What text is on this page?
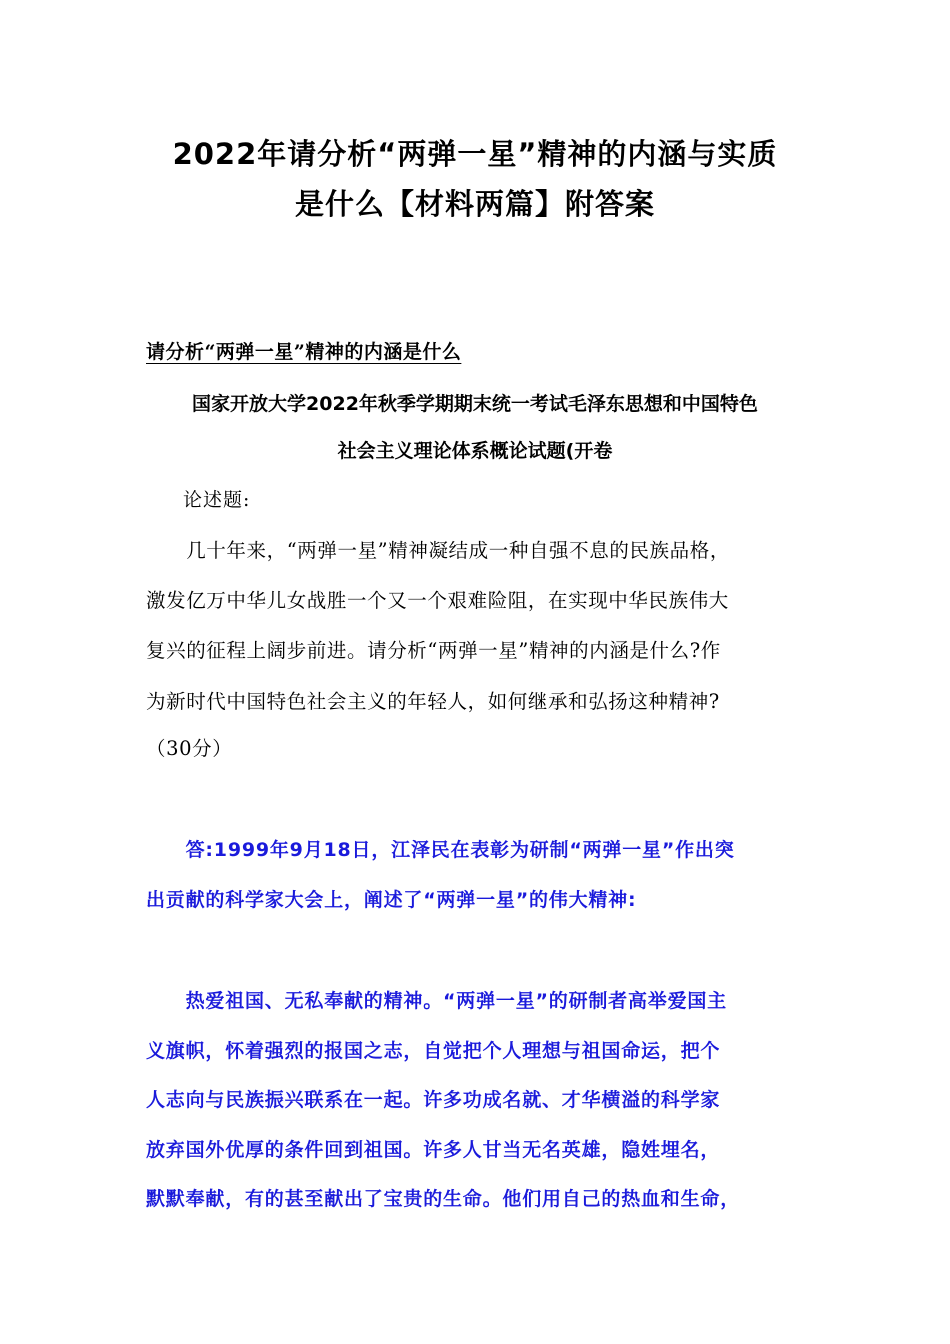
2022年请分析“两弹一星”精神的内涵与实质
是什么【材料两篇】附答案
请分析“两弹一星”精神的内涵是什么
国家开放大学2022年秋季学期期末统一考试毛泽东思想和中国特色
社会主义理论体系概论试题(开卷
论述题:
　　几十年来，“两弹一星”精神凝结成一种自强不息的民族品格，
激发亿万中华儿女战胜一个又一个艰难险阻，在实现中华民族伟大
复兴的征程上阔步前进。请分析“两弹一星”精神的内涵是什么?作
为新时代中国特色社会主义的年轻人，如何继承和弘扬这种精神?
（30分）
　　答:1999年9月18日，江泽民在表彰为研制“两弹一星”作出突
出贡献的科学家大会上，阐述了“两弹一星”的伟大精神:
　　热爱祖国、无私奉献的精神。“两弹一星”的研制者高举爱国主
义旗帜，怀着强烈的报国之志，自觉把个人理想与祖国命运，把个
人志向与民族振兴联系在一起。许多功成名就、才华横溢的科学家
放弃国外优厚的条件回到祖国。许多人甘当无名英雄，隐姓埋名，
默默奉献，有的甚至献出了宝贵的生命。他们用自己的热血和生命，
